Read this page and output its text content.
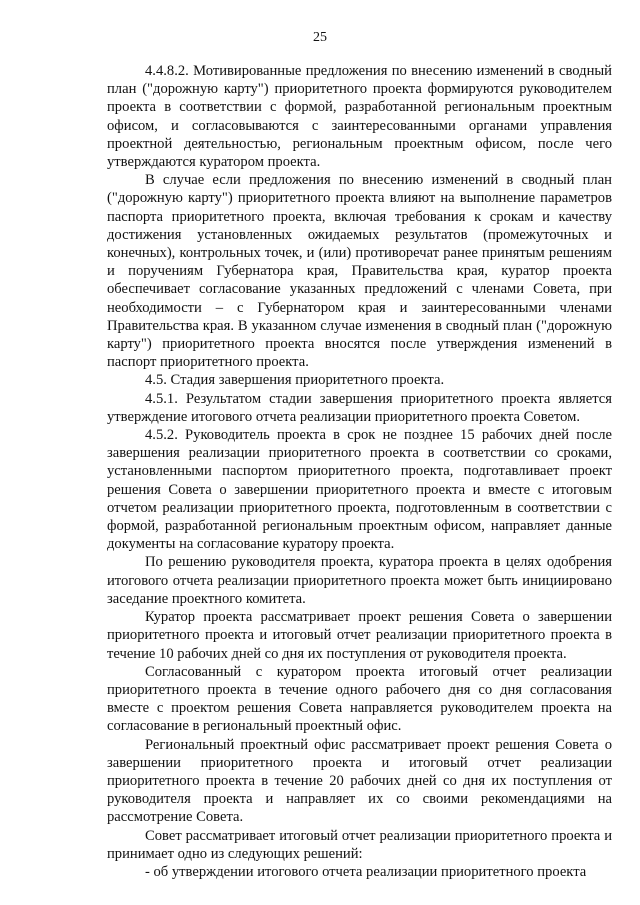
25

4.4.8.2. Мотивированные предложения по внесению изменений в сводный план ("дорожную карту") приоритетного проекта формируются руководителем проекта в соответствии с формой, разработанной региональным проектным офисом, и согласовываются с заинтересованными органами управления проектной деятельностью, региональным проектным офисом, после чего утверждаются куратором проекта.

В случае если предложения по внесению изменений в сводный план ("дорожную карту") приоритетного проекта влияют на выполнение параметров паспорта приоритетного проекта, включая требования к срокам и качеству достижения установленных ожидаемых результатов (промежуточных и конечных), контрольных точек, и (или) противоречат ранее принятым решениям и поручениям Губернатора края, Правительства края, куратор проекта обеспечивает согласование указанных предложений с членами Совета, при необходимости – с Губернатором края и заинтересованными членами Правительства края. В указанном случае изменения в сводный план ("дорожную карту") приоритетного проекта вносятся после утверждения изменений в паспорт приоритетного проекта.

4.5. Стадия завершения приоритетного проекта.

4.5.1. Результатом стадии завершения приоритетного проекта является утверждение итогового отчета реализации приоритетного проекта Советом.

4.5.2. Руководитель проекта в срок не позднее 15 рабочих дней после завершения реализации приоритетного проекта в соответствии со сроками, установленными паспортом приоритетного проекта, подготавливает проект решения Совета о завершении приоритетного проекта и вместе с итоговым отчетом реализации приоритетного проекта, подготовленным в соответствии с формой, разработанной региональным проектным офисом, направляет данные документы на согласование куратору проекта.

По решению руководителя проекта, куратора проекта в целях одобрения итогового отчета реализации приоритетного проекта может быть инициировано заседание проектного комитета.

Куратор проекта рассматривает проект решения Совета о завершении приоритетного проекта и итоговый отчет реализации приоритетного проекта в течение 10 рабочих дней со дня их поступления от руководителя проекта.

Согласованный с куратором проекта итоговый отчет реализации приоритетного проекта в течение одного рабочего дня со дня согласования вместе с проектом решения Совета направляется руководителем проекта на согласование в региональный проектный офис.

Региональный проектный офис рассматривает проект решения Совета о завершении приоритетного проекта и итоговый отчет реализации приоритетного проекта в течение 20 рабочих дней со дня их поступления от руководителя проекта и направляет их со своими рекомендациями на рассмотрение Совета.

Совет рассматривает итоговый отчет реализации приоритетного проекта и принимает одно из следующих решений:

- об утверждении итогового отчета реализации приоритетного проекта
